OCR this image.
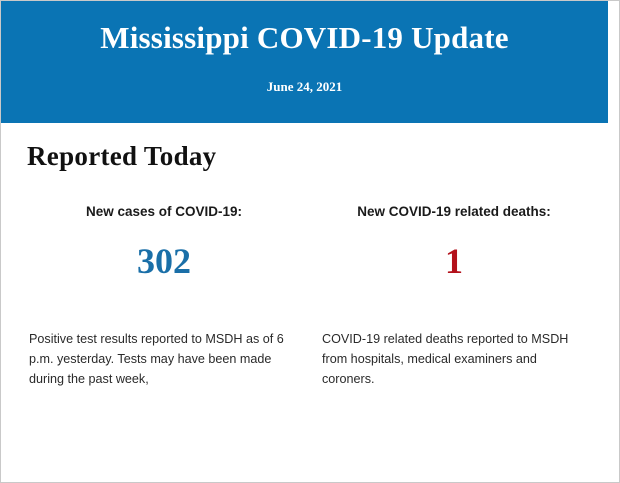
Mississippi COVID-19 Update
June 24, 2021
Reported Today
New cases of COVID-19:
302
New COVID-19 related deaths:
1
Positive test results reported to MSDH as of 6 p.m. yesterday. Tests may have been made during the past week,
COVID-19 related deaths reported to MSDH from hospitals, medical examiners and coroners.
